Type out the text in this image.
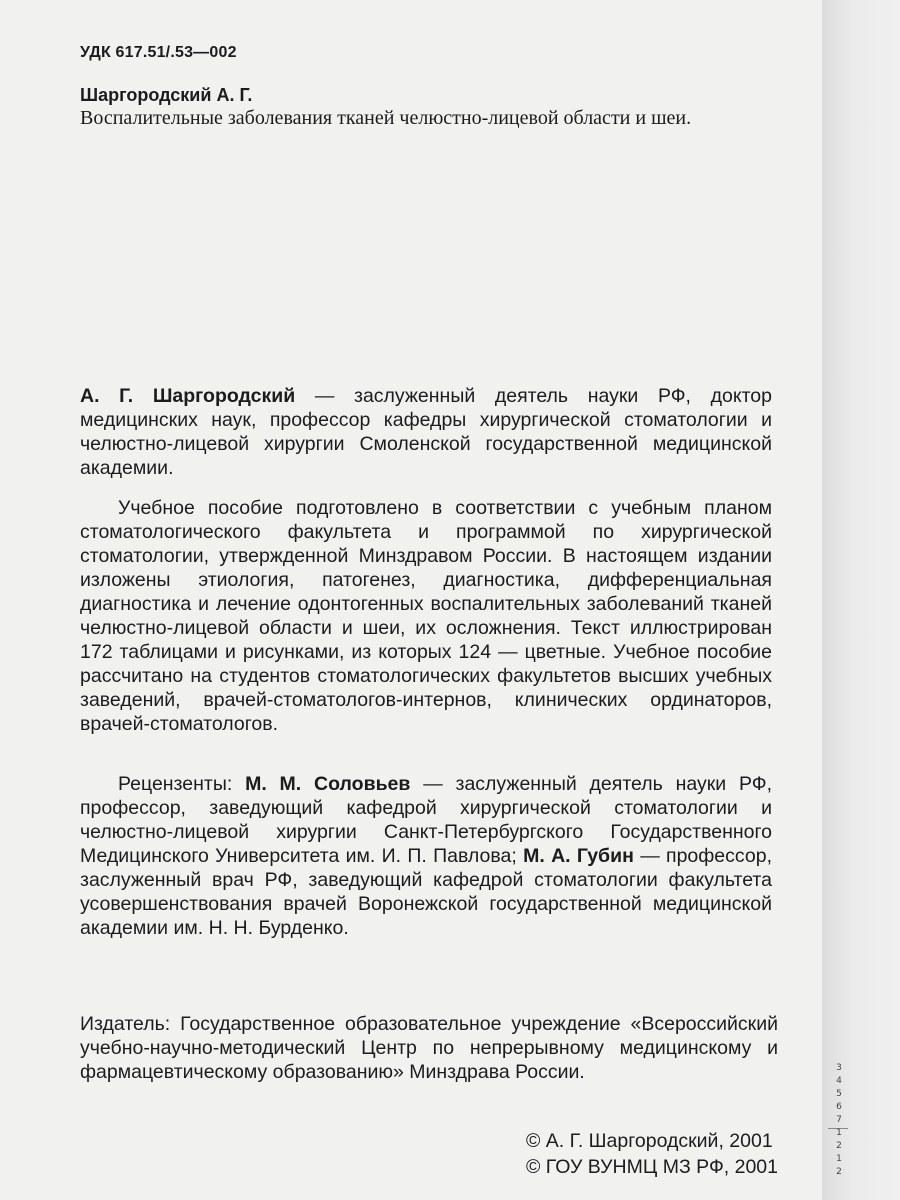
УДК 617.51/.53—002
Шаргородский А. Г.
Воспалительные заболевания тканей челюстно-лицевой области и шеи.
А. Г. Шаргородский — заслуженный деятель науки РФ, доктор медицинских наук, профессор кафедры хирургической стоматологии и челюстно-лицевой хирургии Смоленской государственной медицинской академии.
Учебное пособие подготовлено в соответствии с учебным планом стоматологического факультета и программой по хирургической стоматологии, утвержденной Минздравом России. В настоящем издании изложены этиология, патогенез, диагностика, дифференциальная диагностика и лечение одонтогенных воспалительных заболеваний тканей челюстно-лицевой области и шеи, их осложнения. Текст иллюстрирован 172 таблицами и рисунками, из которых 124 — цветные. Учебное пособие рассчитано на студентов стоматологических факультетов высших учебных заведений, врачей-стоматологов-интернов, клинических ординаторов, врачей-стоматологов.
Рецензенты: М. М. Соловьев — заслуженный деятель науки РФ, профессор, заведующий кафедрой хирургической стоматологии и челюстно-лицевой хирургии Санкт-Петербургского Государственного Медицинского Университета им. И. П. Павлова; М. А. Губин — профессор, заслуженный врач РФ, заведующий кафедрой стоматологии факультета усовершенствования врачей Воронежской государственной медицинской академии им. Н. Н. Бурденко.
Издатель: Государственное образовательное учреждение «Всероссийский учебно-научно-методический Центр по непрерывному медицинскому и фармацевтическому образованию» Минздрава России.
© А. Г. Шаргородский, 2001
© ГОУ ВУНМЦ МЗ РФ, 2001
3
4
5
6
7
1
2
1
2
